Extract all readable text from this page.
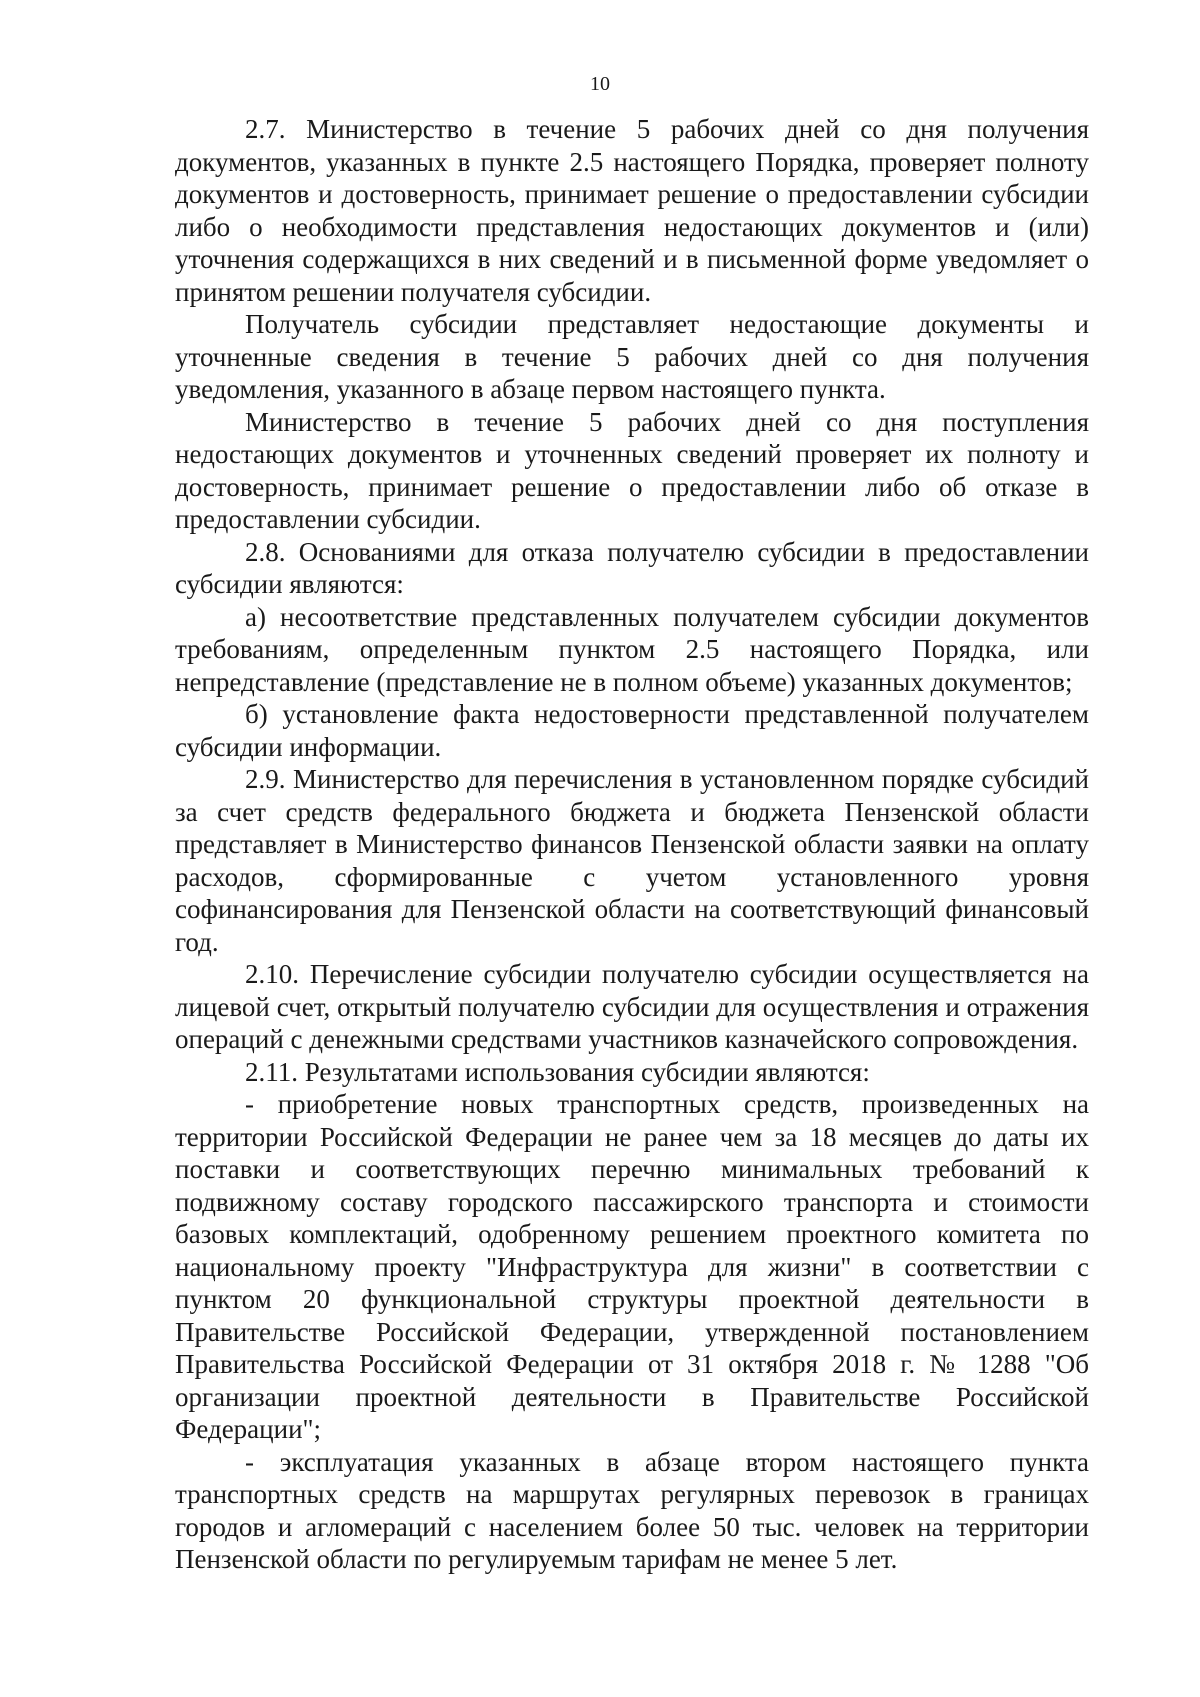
10

2.7. Министерство в течение 5 рабочих дней со дня получения документов, указанных в пункте 2.5 настоящего Порядка, проверяет полноту документов и достоверность, принимает решение о предоставлении субсидии либо о необходимости представления недостающих документов и (или) уточнения содержащихся в них сведений и в письменной форме уведомляет о принятом решении получателя субсидии.

Получатель субсидии представляет недостающие документы и уточненные сведения в течение 5 рабочих дней со дня получения уведомления, указанного в абзаце первом настоящего пункта.

Министерство в течение 5 рабочих дней со дня поступления недостающих документов и уточненных сведений проверяет их полноту и достоверность, принимает решение о предоставлении либо об отказе в предоставлении субсидии.

2.8. Основаниями для отказа получателю субсидии в предоставлении субсидии являются:

а) несоответствие представленных получателем субсидии документов требованиям, определенным пунктом 2.5 настоящего Порядка, или непредставление (представление не в полном объеме) указанных документов;

б) установление факта недостоверности представленной получателем субсидии информации.

2.9. Министерство для перечисления в установленном порядке субсидий за счет средств федерального бюджета и бюджета Пензенской области представляет в Министерство финансов Пензенской области заявки на оплату расходов, сформированные с учетом установленного уровня софинансирования для Пензенской области на соответствующий финансовый год.

2.10. Перечисление субсидии получателю субсидии осуществляется на лицевой счет, открытый получателю субсидии для осуществления и отражения операций с денежными средствами участников казначейского сопровождения.

2.11. Результатами использования субсидии являются:

- приобретение новых транспортных средств, произведенных на территории Российской Федерации не ранее чем за 18 месяцев до даты их поставки и соответствующих перечню минимальных требований к подвижному составу городского пассажирского транспорта и стоимости базовых комплектаций, одобренному решением проектного комитета по национальному проекту "Инфраструктура для жизни" в соответствии с пунктом 20 функциональной структуры проектной деятельности в Правительстве Российской Федерации, утвержденной постановлением Правительства Российской Федерации от 31 октября 2018 г. № 1288 "Об организации проектной деятельности в Правительстве Российской Федерации";

- эксплуатация указанных в абзаце втором настоящего пункта транспортных средств на маршрутах регулярных перевозок в границах городов и агломераций с населением более 50 тыс. человек на территории Пензенской области по регулируемым тарифам не менее 5 лет.
